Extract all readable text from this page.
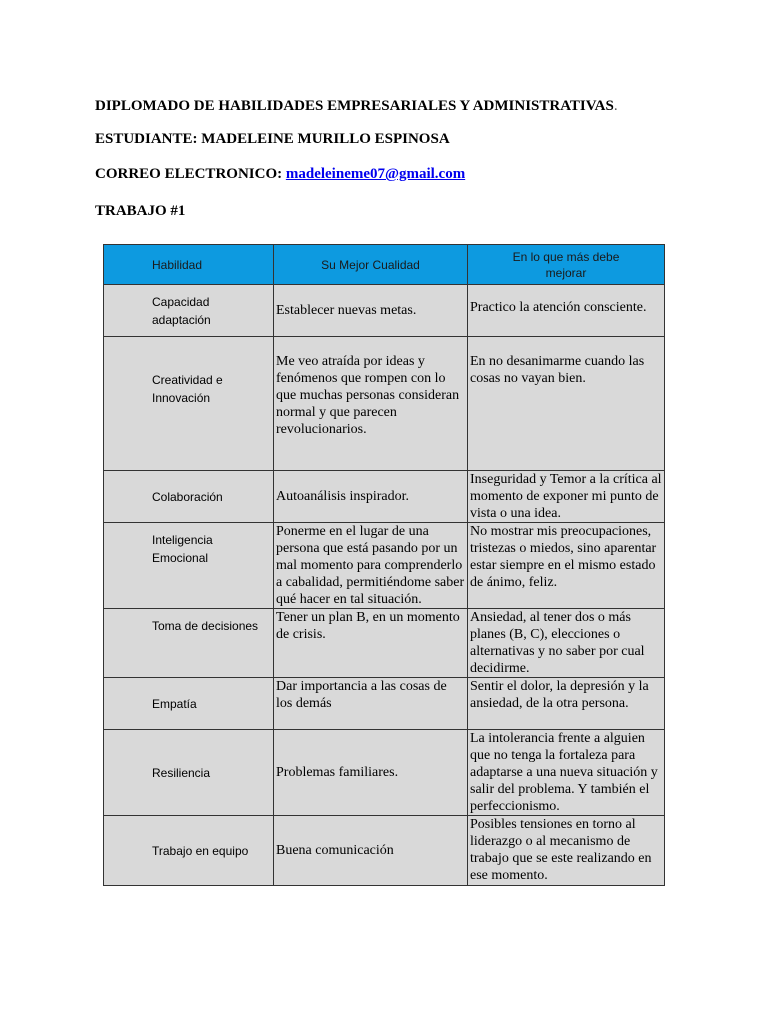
DIPLOMADO DE HABILIDADES EMPRESARIALES Y ADMINISTRATIVAS.
ESTUDIANTE: MADELEINE MURILLO ESPINOSA
CORREO ELECTRONICO: madeleineme07@gmail.com
TRABAJO #1
Habilidad	Su Mejor Cualidad	En lo que más debe mejorar
Capacidad adaptación	Establecer nuevas metas.	Practico la atención consciente.
Creatividad e Innovación	Me veo atraída por ideas y fenómenos que rompen con lo que muchas personas consideran normal y que parecen revolucionarios.	En no desanimarme cuando las cosas no vayan bien.
Colaboración	Autoanálisis inspirador.	Inseguridad y Temor a la crítica al momento de exponer mi punto de vista o una idea.
Inteligencia Emocional	Ponerme en el lugar de una persona que está pasando por un mal momento para comprenderlo a cabalidad, permitiéndome saber qué hacer en tal situación.	No mostrar mis preocupaciones, tristezas o miedos, sino aparentar estar siempre en el mismo estado de ánimo, feliz.
Toma de decisiones	Tener un plan B, en un momento de crisis.	Ansiedad, al tener dos o más planes (B, C), elecciones o alternativas y no saber por cual decidirme.
Empatía	Dar importancia a las cosas de los demás	Sentir el dolor, la depresión y la ansiedad, de la otra persona.
Resiliencia	Problemas familiares.	La intolerancia frente a alguien que no tenga la fortaleza para adaptarse a una nueva situación y salir del problema. Y también el perfeccionismo.
Trabajo en equipo	Buena comunicación	Posibles tensiones en torno al liderazgo o al mecanismo de trabajo que se este realizando en ese momento.
